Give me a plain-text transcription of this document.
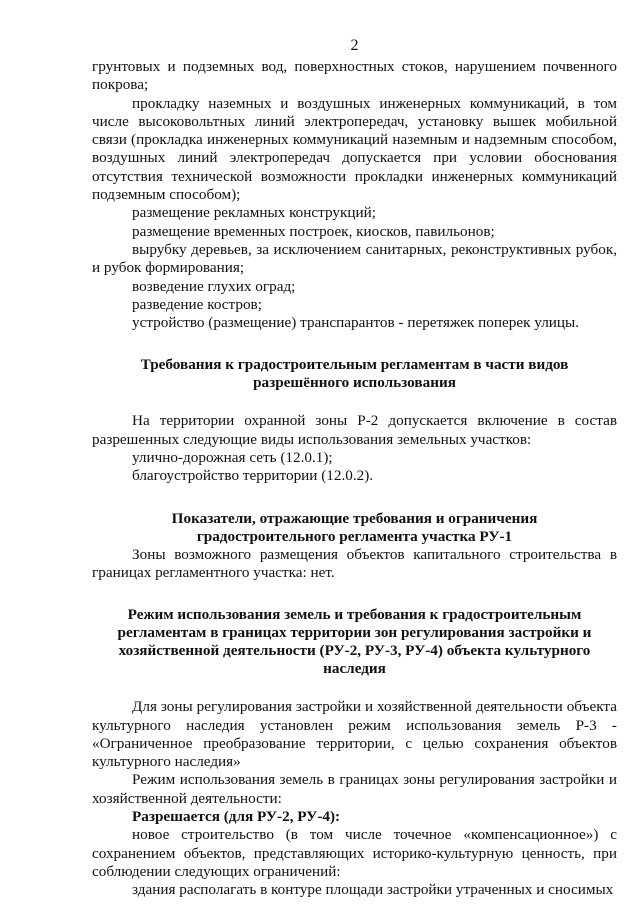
2

грунтовых и подземных вод, поверхностных стоков, нарушением почвенного покрова;

прокладку наземных и воздушных инженерных коммуникаций, в том числе высоковольтных линий электропередач, установку вышек мобильной связи (прокладка инженерных коммуникаций наземным и надземным способом, воздушных линий электропередач допускается при условии обоснования отсутствия технической возможности прокладки инженерных коммуникаций подземным способом);

размещение рекламных конструкций;

размещение временных построек, киосков, павильонов;

вырубку деревьев, за исключением санитарных, реконструктивных рубок, и рубок формирования;

возведение глухих оград;

разведение костров;

устройство (размещение) транспарантов - перетяжек поперек улицы.

Требования к градостроительным регламентам в части видов
разрешённого использования

На территории охранной зоны Р-2 допускается включение в состав разрешенных следующие виды использования земельных участков:

улично-дорожная сеть (12.0.1);

благоустройство территории (12.0.2).

Показатели, отражающие требования и ограничения
градостроительного регламента участка РУ-1

Зоны возможного размещения объектов капитального строительства в границах регламентного участка: нет.

Режим использования земель и требования к градостроительным
регламентам в границах территории зон регулирования застройки и
хозяйственной деятельности (РУ-2, РУ-3, РУ-4) объекта культурного
наследия

Для зоны регулирования застройки и хозяйственной деятельности объекта культурного наследия установлен режим использования земель Р-3 - «Ограниченное преобразование территории, с целью сохранения объектов культурного наследия»

Режим использования земель в границах зоны регулирования застройки и хозяйственной деятельности:

Разрешается (для РУ-2, РУ-4):

новое строительство (в том числе точечное «компенсационное») с сохранением объектов, представляющих историко-культурную ценность, при соблюдении следующих ограничений:

здания располагать в контуре площади застройки утраченных и сносимых
